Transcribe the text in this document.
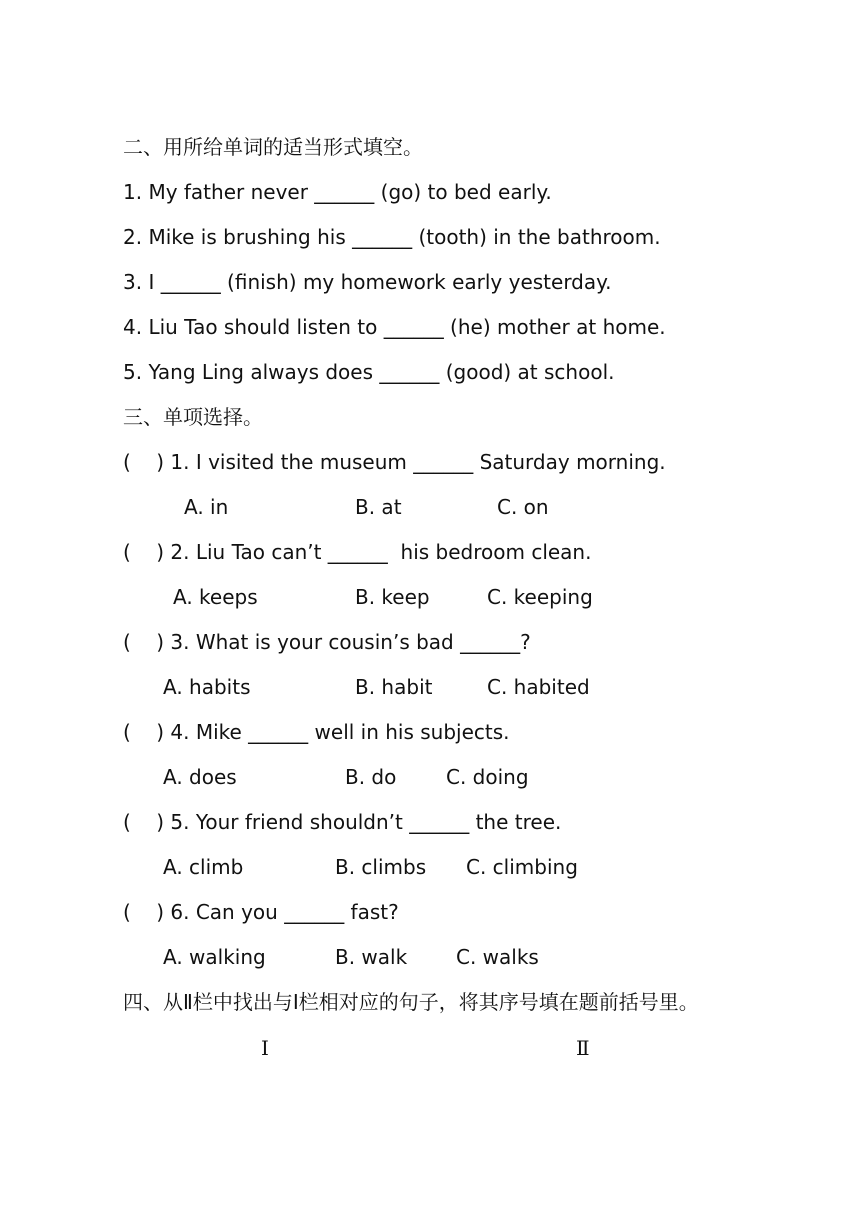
二、用所给单词的适当形式填空。
1. My father never ______ (go) to bed early.
2. Mike is brushing his ______ (tooth) in the bathroom.
3. I ______ (finish) my homework early yesterday.
4. Liu Tao should listen to ______ (he) mother at home.
5. Yang Ling always does ______ (good) at school.
三、单项选择。
(    ) 1. I visited the museum ______ Saturday morning.
A. in	B. at	C. on
(    ) 2. Liu Tao can’t ______  his bedroom clean.
A. keeps	B. keep	C. keeping
(    ) 3. What is your cousin’s bad ______?
A. habits	B. habit	C. habited
(    ) 4. Mike ______ well in his subjects.
A. does	B. do C. doing
(    ) 5. Your friend shouldn’t ______ the tree.
A. climb	B. climbs C. climbing
(    ) 6. Can you ______ fast?
A. walking	B. walk C. walks
四、从Ⅱ栏中找出与Ⅰ栏相对应的句子，将其序号填在题前括号里。
Ⅰ	Ⅱ
